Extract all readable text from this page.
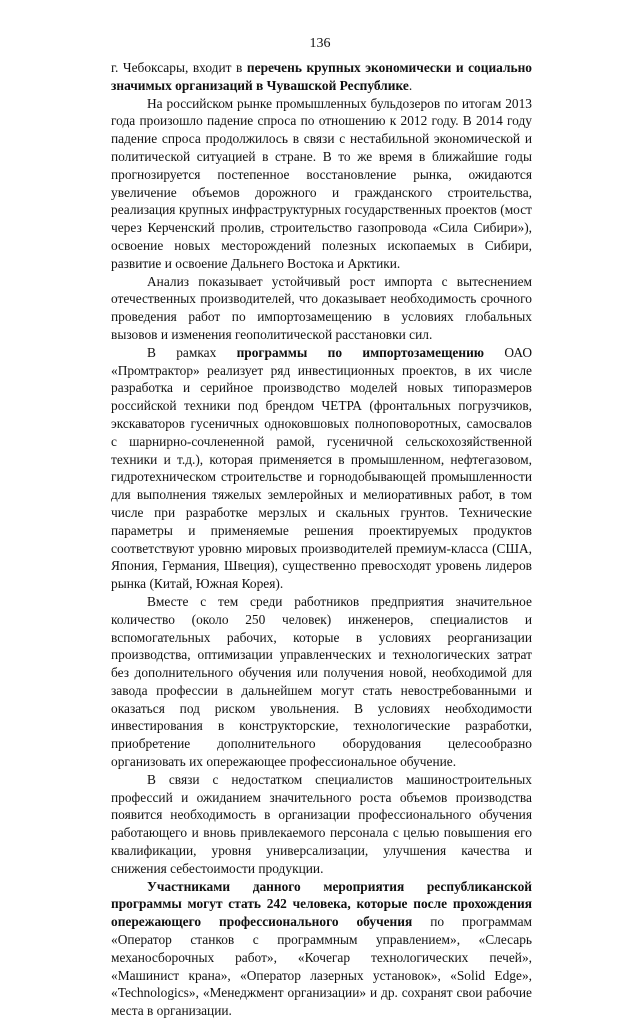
136

г. Чебоксары, входит в перечень крупных экономически и социально значимых организаций в Чувашской Республике.

На российском рынке промышленных бульдозеров по итогам 2013 года произошло падение спроса по отношению к 2012 году. В 2014 году падение спроса продолжилось в связи с нестабильной экономической и политической ситуацией в стране. В то же время в ближайшие годы прогнозируется постепенное восстановление рынка, ожидаются увеличение объемов дорожного и гражданского строительства, реализация крупных инфраструктурных государственных проектов (мост через Керченский пролив, строительство газопровода «Сила Сибири»), освоение новых месторождений полезных ископаемых в Сибири, развитие и освоение Дальнего Востока и Арктики.

Анализ показывает устойчивый рост импорта с вытеснением отечественных производителей, что доказывает необходимость срочного проведения работ по импортозамещению в условиях глобальных вызовов и изменения геополитической расстановки сил.

В рамках программы по импортозамещению ОАО «Промтрактор» реализует ряд инвестиционных проектов, в их числе разработка и серийное производство моделей новых типоразмеров российской техники под брендом ЧЕТРА (фронтальных погрузчиков, экскаваторов гусеничных одноковшовых полноповоротных, самосвалов с шарнирно-сочлененной рамой, гусеничной сельскохозяйственной техники и т.д.), которая применяется в промышленном, нефтегазовом, гидротехническом строительстве и горнодобывающей промышленности для выполнения тяжелых землеройных и мелиоративных работ, в том числе при разработке мерзлых и скальных грунтов. Технические параметры и применяемые решения проектируемых продуктов соответствуют уровню мировых производителей премиум-класса (США, Япония, Германия, Швеция), существенно превосходят уровень лидеров рынка (Китай, Южная Корея).

Вместе с тем среди работников предприятия значительное количество (около 250 человек) инженеров, специалистов и вспомогательных рабочих, которые в условиях реорганизации производства, оптимизации управленческих и технологических затрат без дополнительного обучения или получения новой, необходимой для завода профессии в дальнейшем могут стать невостребованными и оказаться под риском увольнения. В условиях необходимости инвестирования в конструкторские, технологические разработки, приобретение дополнительного оборудования целесообразно организовать их опережающее профессиональное обучение.

В связи с недостатком специалистов машиностроительных профессий и ожиданием значительного роста объемов производства появится необходимость в организации профессионального обучения работающего и вновь привлекаемого персонала с целью повышения его квалификации, уровня универсализации, улучшения качества и снижения себестоимости продукции.

Участниками данного мероприятия республиканской программы могут стать 242 человека, которые после прохождения опережающего профессионального обучения по программам «Оператор станков с программным управлением», «Слесарь механосборочных работ», «Кочегар технологических печей», «Машинист крана», «Оператор лазерных установок», «Solid Edge», «Technologics», «Менеджмент организации» и др. сохранят свои рабочие места в организации.
